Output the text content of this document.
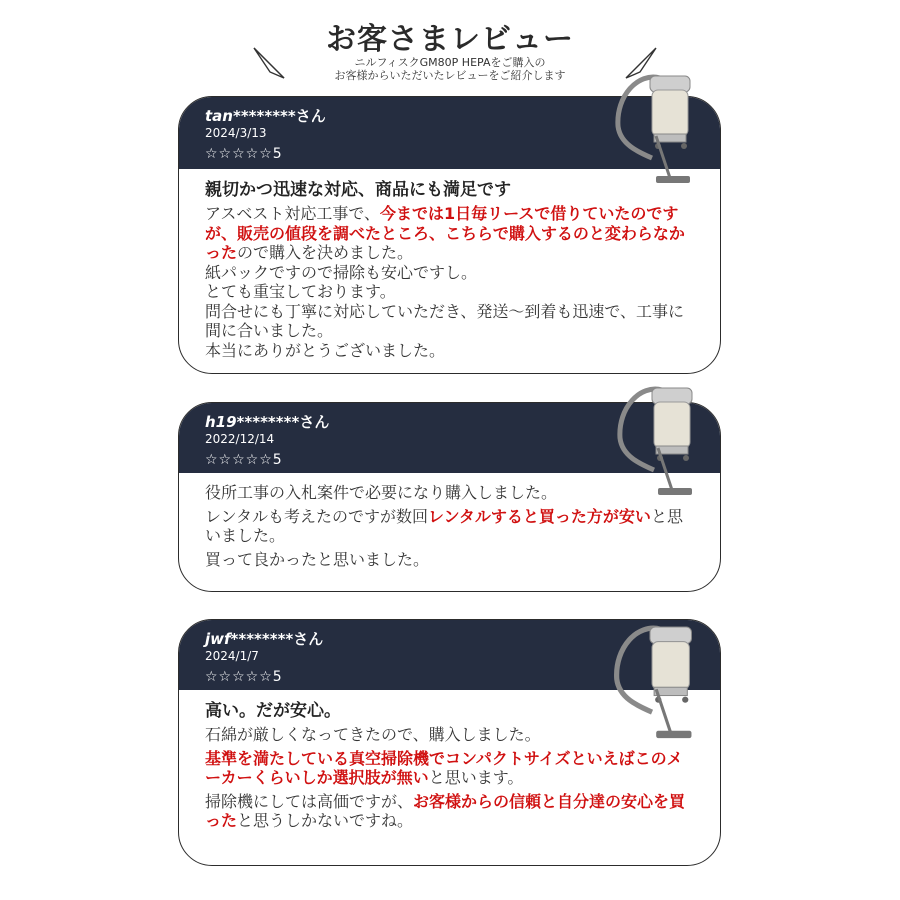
お客さまレビュー
ニルフィスクGM80P HEPAをご購入の
お客様からいただいたレビューをご紹介します
tan********さん
2024/3/13
☆☆☆☆☆5
親切かつ迅速な対応、商品にも満足です

アスベスト対応工事で、今までは1日毎リースで借りていたのですが、販売の値段を調べたところ、こちらで購入するのと変わらなかったので購入を決めました。

紙パックですので掃除も安心ですし。

とても重宝しております。

問合せにも丁寧に対応していただき、発送〜到着も迅速で、工事に間に合いました。

本当にありがとうございました。

h19********さん
2022/12/14
☆☆☆☆☆5

役所工事の入札案件で必要になり購入しました。

レンタルも考えたのですが数回レンタルすると買った方が安いと思いました。

買って良かったと思いました。

jwf********さん
2024/1/7
☆☆☆☆☆5
高い。だが安心。

石綿が厳しくなってきたので、購入しました。

基準を満たしている真空掃除機でコンパクトサイズといえばこのメーカーくらいしか選択肢が無いと思います。

掃除機にしては高価ですが、お客様からの信頼と自分達の安心を買ったと思うしかないですね。
